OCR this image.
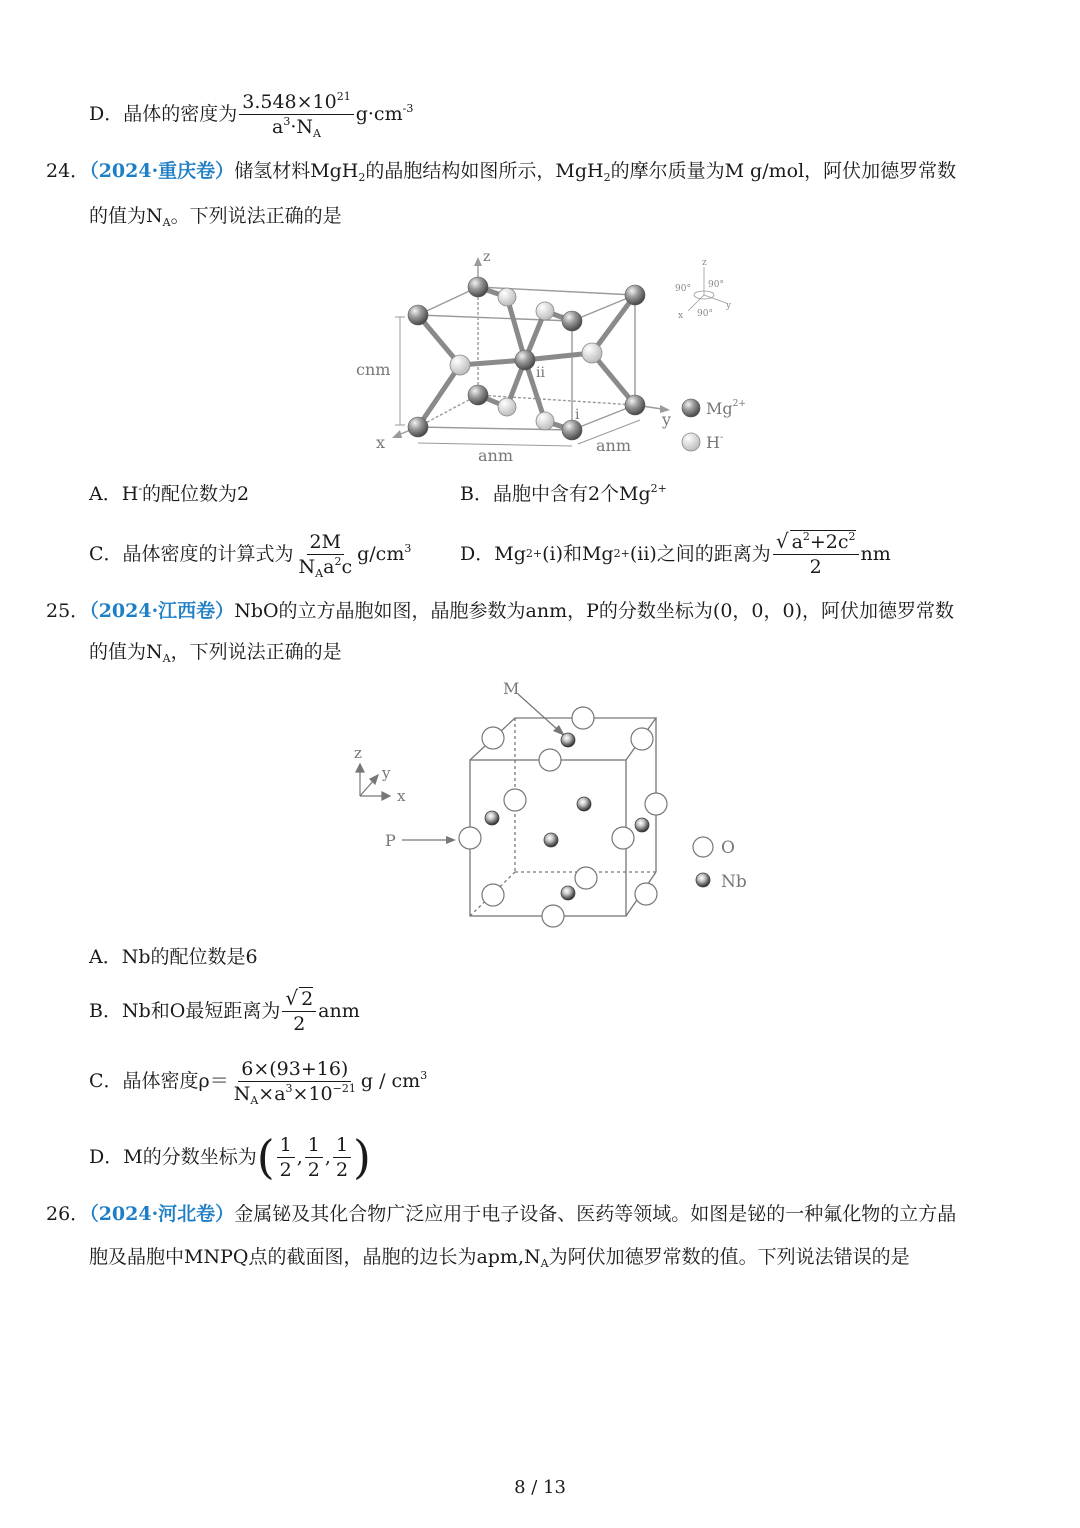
D．晶体的密度为 $\frac{3.548\times 10^{21}}{a^3\cdot N_A} g\cdot cm^{-3}$
24．（2024·重庆卷）储氢材料MgH$_2$的晶胞结构如图所示，MgH$_2$的摩尔质量为M g/mol，阿伏加德罗常数
的值为$N_A$。下列说法正确的是
z
y
x
cnm
anm
anm
ii
i
90° 90°
90°
z
y
x
$Mg^{2+}$
H-
A．H-的配位数为2	B．晶胞中含有2个$Mg^{2+}$
C．晶体密度的计算式为 $\frac{2M}{N_Aa^2c} g/cm^3$	D． Mg 2+ (i)和Mg 2+ (ii)之间的距离为 $\frac{√ a^2+2c^2}{2}$ nm
25．（2024·江西卷）NbO的立方晶胞如图，晶胞参数为anm，P的分数坐标为(0，0，0)，阿伏加德罗常数
的值为$N_A$，下列说法正确的是
M
z
y
x
P	O
Nb
A．Nb的配位数是6
B．Nb和O最短距离为 $\frac{√ 2}{2}$ anm
C．晶体密度$\rho= \frac{6\times(93+16)}{N_A\times a^3\times 10^{-21}}$ g / $cm^3$
D．M的分数坐标为 ( $\frac{1}{2}$ , $\frac{1}{2}$ , $\frac{1}{2}$ )
26．（2024·河北卷）金属铋及其化合物广泛应用于电子设备、医药等领域。如图是铋的一种氟化物的立方晶
胞及晶胞中MNPQ点的截面图，晶胞的边长为$apm,N_A$为阿伏加德罗常数的值。下列说法错误的是
8 / 13
